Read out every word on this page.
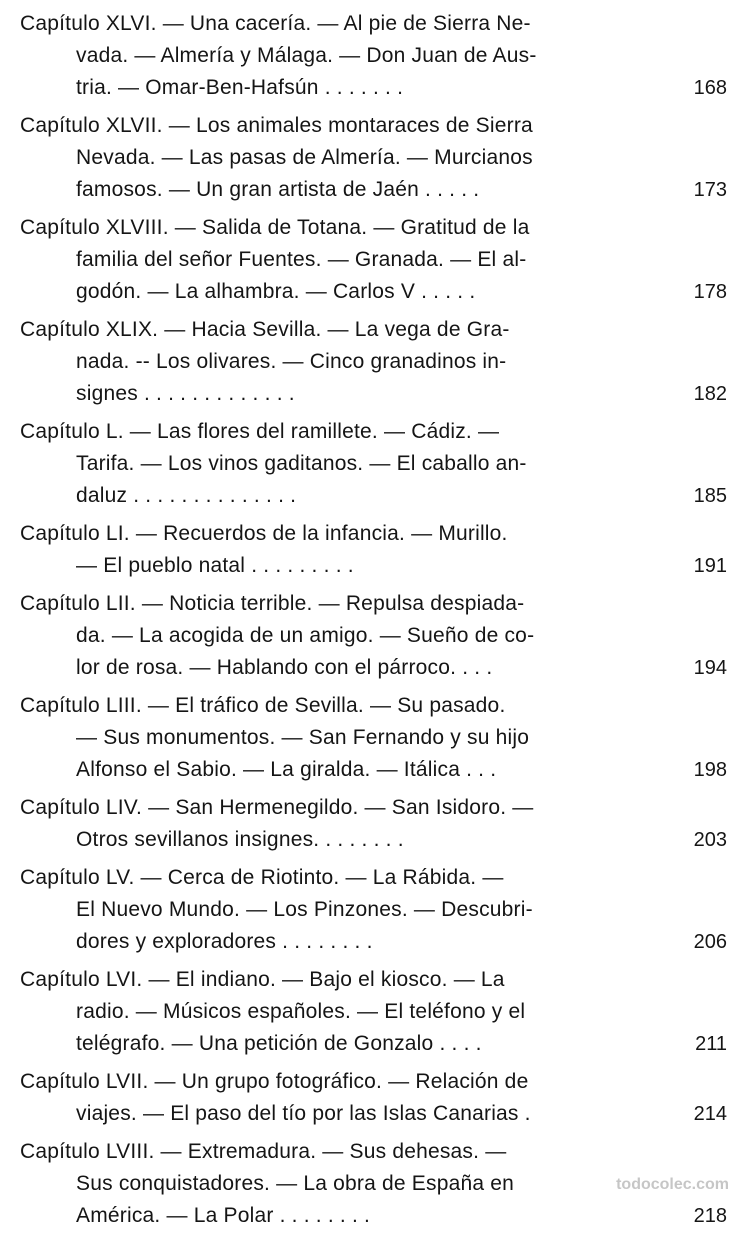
Capítulo XLVI. — Una cacería. — Al pie de Sierra Ne-
vada. — Almería y Málaga. — Don Juan de Aus-
tria. — Omar-Ben-Hafsún . . . . . . .	168
Capítulo XLVII. — Los animales montaraces de Sierra
Nevada. — Las pasas de Almería. — Murcianos
famosos. — Un gran artista de Jaén . . . . .	173
Capítulo XLVIII. — Salida de Totana. — Gratitud de la
familia del señor Fuentes. — Granada. — El al-
godón. — La alhambra. — Carlos V . . . . .	178
Capítulo XLIX. — Hacia Sevilla. — La vega de Gra-
nada. -- Los olivares. — Cinco granadinos in-
signes . . . . . . . . . . . . .	182
Capítulo L. — Las flores del ramillete. — Cádiz. —
Tarifa. — Los vinos gaditanos. — El caballo an-
daluz . . . . . . . . . . . . . .	185
Capítulo LI. — Recuerdos de la infancia. — Murillo.
— El pueblo natal . . . . . . . . .	191
Capítulo LII. — Noticia terrible. — Repulsa despiada-
da. — La acogida de un amigo. — Sueño de co-
lor de rosa. — Hablando con el párroco. . . .	194
Capítulo LIII. — El tráfico de Sevilla. — Su pasado.
— Sus monumentos. — San Fernando y su hijo
Alfonso el Sabio. — La giralda. — Itálica . . .	198
Capítulo LIV. — San Hermenegildo. — San Isidoro. —
Otros sevillanos insignes. . . . . . . .	203
Capítulo LV. — Cerca de Riotinto. — La Rábida. —
El Nuevo Mundo. — Los Pinzones. — Descubri-
dores y exploradores . . . . . . . .	206
Capítulo LVI. — El indiano. — Bajo el kiosco. — La
radio. — Músicos españoles. — El teléfono y el
telégrafo. — Una petición de Gonzalo . . . .	211
Capítulo LVII. — Un grupo fotográfico. — Relación de
viajes. — El paso del tío por las Islas Canarias .	214
Capítulo LVIII. — Extremadura. — Sus dehesas. —
Sus conquistadores. — La obra de España en
América. — La Polar . . . . . . . .	218
todocolec.com
